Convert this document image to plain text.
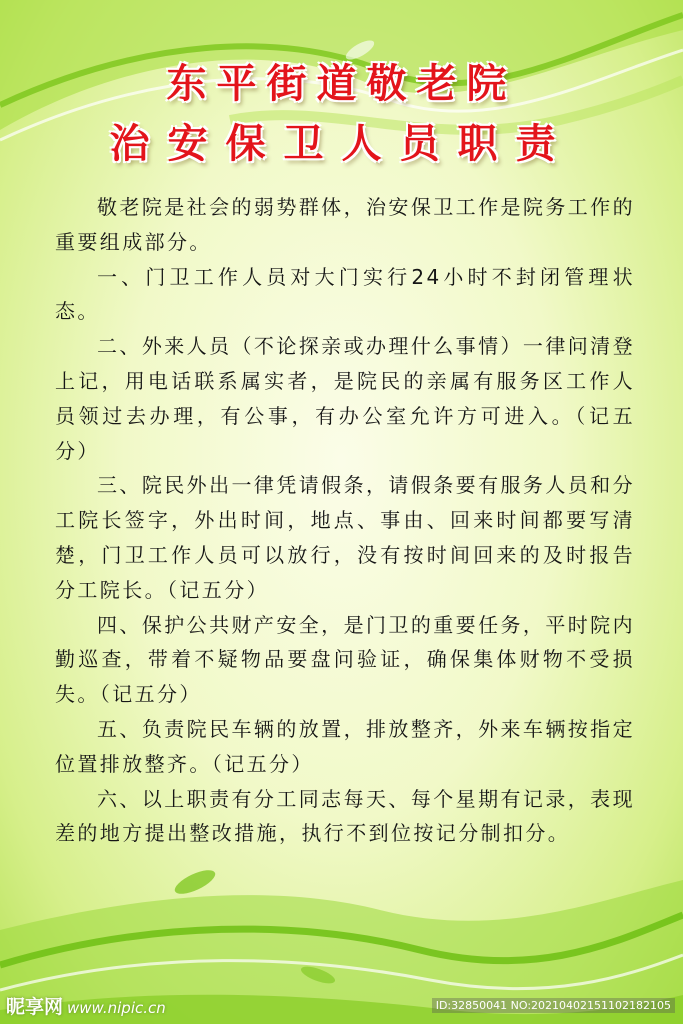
东平街道敬老院
治安保卫人员职责

敬老院是社会的弱势群体，治安保卫工作是院务工作的重要组成部分。

一、门卫工作人员对大门实行24小时不封闭管理状态。

二、外来人员（不论探亲或办理什么事情）一律问清登上记，用电话联系属实者，是院民的亲属有服务区工作人员领过去办理，有公事，有办公室允许方可进入。（记五分）

三、院民外出一律凭请假条，请假条要有服务人员和分工院长签字，外出时间，地点、事由、回来时间都要写清楚，门卫工作人员可以放行，没有按时间回来的及时报告分工院长。（记五分）

四、保护公共财产安全，是门卫的重要任务，平时院内勤巡查，带着不疑物品要盘问验证，确保集体财物不受损失。（记五分）

五、负责院民车辆的放置，排放整齐，外来车辆按指定位置排放整齐。（记五分）

六、以上职责有分工同志每天、每个星期有记录，表现差的地方提出整改措施，执行不到位按记分制扣分。

昵享网 www.nipic.cn	ID:32850041 NO:20210402151102182105
